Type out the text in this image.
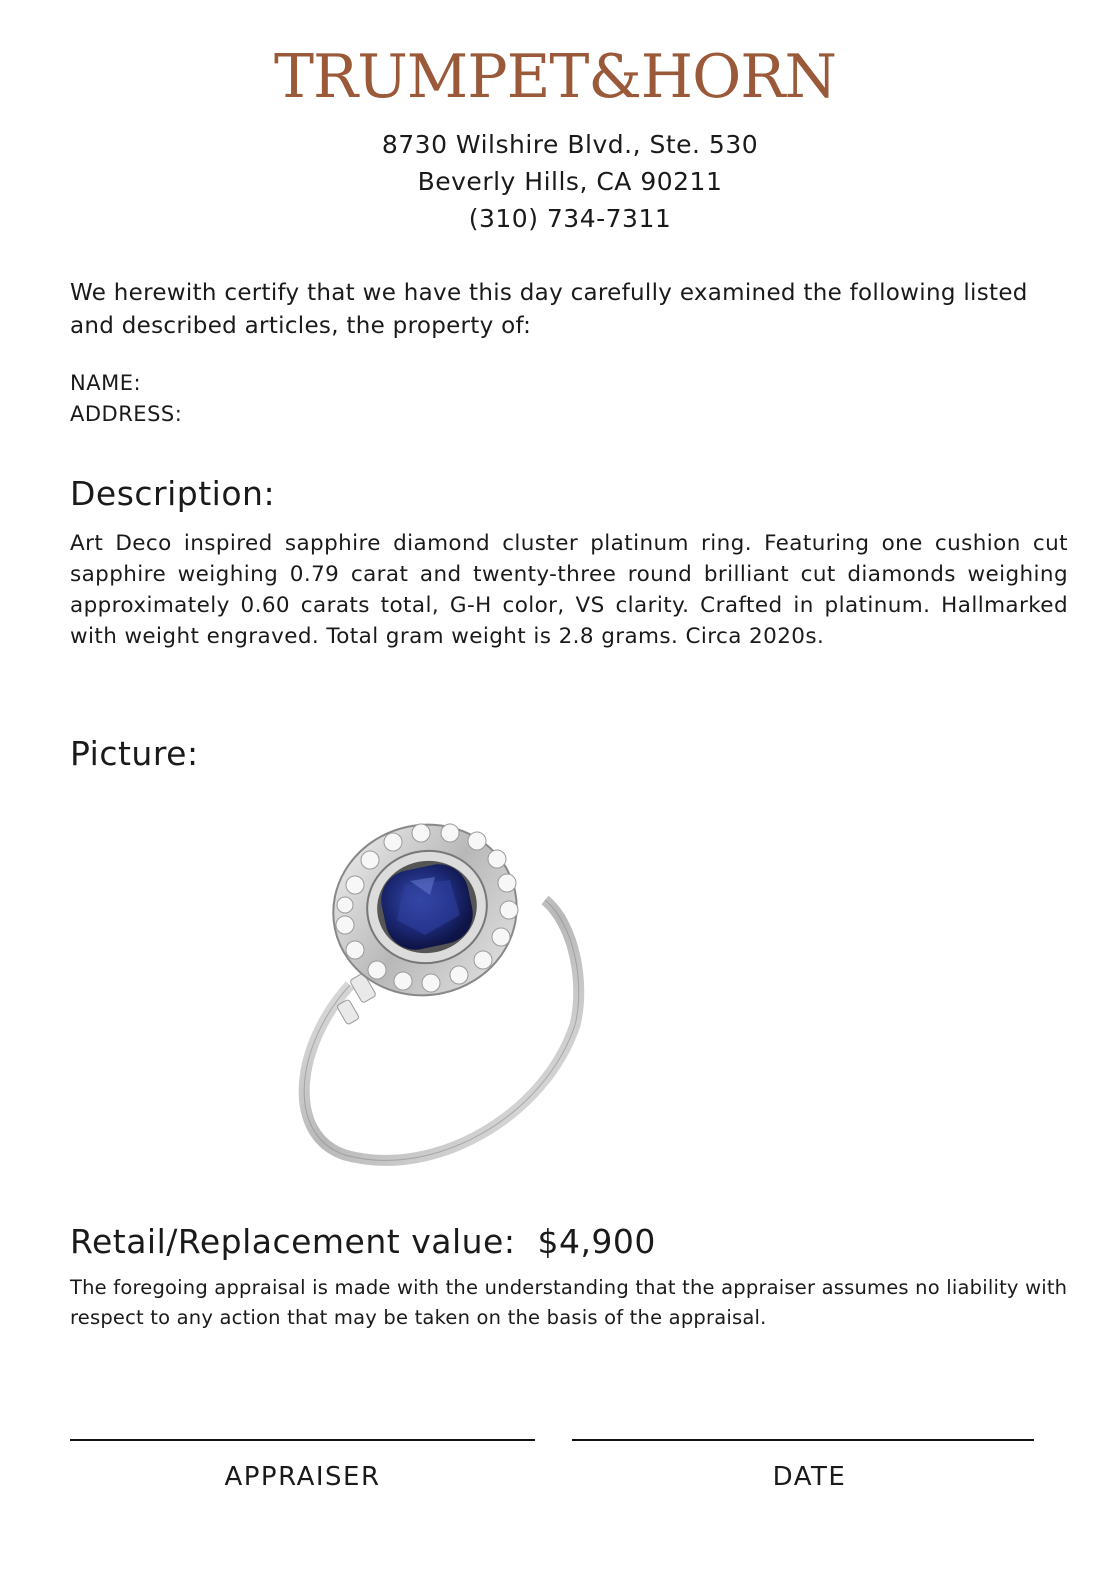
TRUMPET&HORN
8730 Wilshire Blvd., Ste. 530
Beverly Hills, CA 90211
(310) 734-7311
We herewith certify that we have this day carefully examined the following listed and described articles, the property of:
NAME:
ADDRESS:
Description:
Art Deco inspired sapphire diamond cluster platinum ring. Featuring one cushion cut sapphire weighing 0.79 carat and twenty-three round brilliant cut diamonds weighing approximately 0.60 carats total, G-H color, VS clarity. Crafted in platinum. Hallmarked with weight engraved. Total gram weight is 2.8 grams. Circa 2020s.
Picture:
Retail/Replacement value: $4,900
The foregoing appraisal is made with the understanding that the appraiser assumes no liability with respect to any action that may be taken on the basis of the appraisal.
APPRAISER	DATE
